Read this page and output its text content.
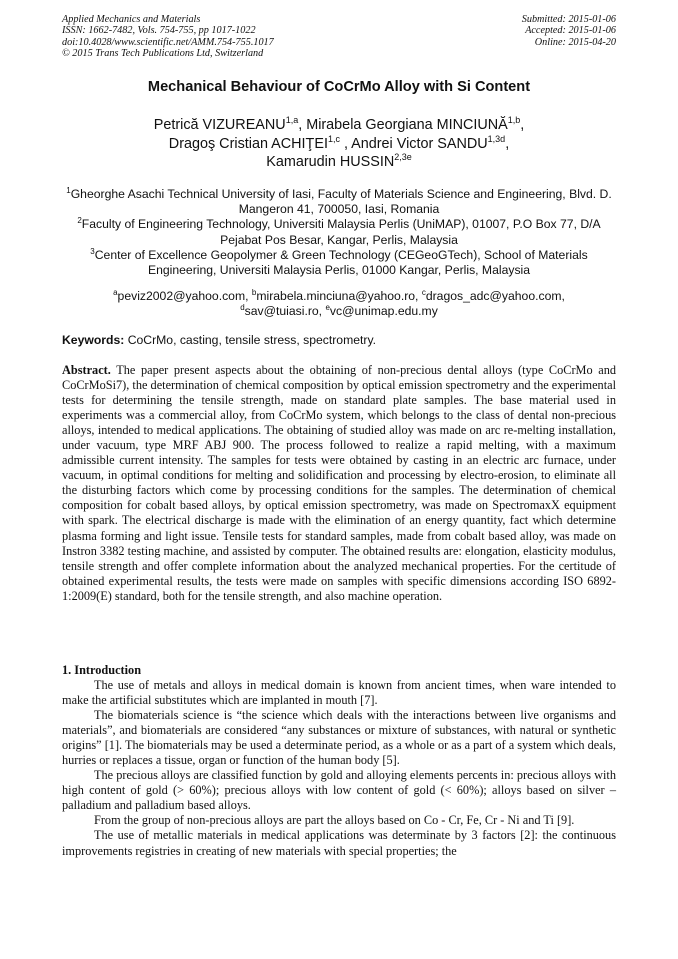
Applied Mechanics and Materials
ISSN: 1662-7482, Vols. 754-755, pp 1017-1022
doi:10.4028/www.scientific.net/AMM.754-755.1017
© 2015 Trans Tech Publications Ltd, Switzerland
Submitted: 2015-01-06
Accepted: 2015-01-06
Online: 2015-04-20
Mechanical Behaviour of CoCrMo Alloy with Si Content
Petrică VIZUREANU$^{1,a}$, Mirabela Georgiana MINCIUNĂ$^{1,b}$,
Dragoş Cristian ACHIŢEI$^{1,c}$ , Andrei Victor $SANDU^{1,3d}$,
Kamarudin $HUSSIN^{2,3e}$
$^1$Gheorghe Asachi Technical University of Iasi, Faculty of Materials Science and Engineering, Blvd. D. Mangeron 41, 700050, Iasi, Romania
$^2$Faculty of Engineering Technology, Universiti Malaysia Perlis (UniMAP), 01007, P.O Box 77, D/A Pejabat Pos Besar, Kangar, Perlis, Malaysia
$^3$Center of Excellence Geopolymer & Green Technology (CEGeoGTech), School of Materials Engineering, Universiti Malaysia Perlis, 01000 Kangar, Perlis, Malaysia
$^a$peviz2002@yahoo.com, $^b$mirabela.minciuna@yahoo.ro, $^c$dragos_adc@yahoo.com,
$^d$sav@tuiasi.ro, $^e$vc@unimap.edu.my
Keywords: CoCrMo, casting, tensile stress, spectrometry.
Abstract. The paper present aspects about the obtaining of non-precious dental alloys (type CoCrMo and CoCrMoSi7), the determination of chemical composition by optical emission spectrometry and the experimental tests for determining the tensile strength, made on standard plate samples. The base material used in experiments was a commercial alloy, from CoCrMo system, which belongs to the class of dental non-precious alloys, intended to medical applications. The obtaining of studied alloy was made on arc re-melting installation, under vacuum, type MRF ABJ 900. The process followed to realize a rapid melting, with a maximum admissible current intensity. The samples for tests were obtained by casting in an electric arc furnace, under vacuum, in optimal conditions for melting and solidification and processing by electro-erosion, to eliminate all the disturbing factors which come by processing conditions for the samples. The determination of chemical composition for cobalt based alloys, by optical emission spectrometry, was made on SpectromaxX equipment with spark. The electrical discharge is made with the elimination of an energy quantity, fact which determine plasma forming and light issue. Tensile tests for standard samples, made from cobalt based alloy, was made on Instron 3382 testing machine, and assisted by computer. The obtained results are: elongation, elasticity modulus, tensile strength and offer complete information about the analyzed mechanical properties. For the certitude of obtained experimental results, the tests were made on samples with specific dimensions according ISO 6892-1:2009(E) standard, both for the tensile strength, and also machine operation.
1. Introduction

The use of metals and alloys in medical domain is known from ancient times, when ware intended to make the artificial substitutes which are implanted in mouth [7].

The biomaterials science is “the science which deals with the interactions between live organisms and materials”, and biomaterials are considered “any substances or mixture of substances, with natural or synthetic origins” [1]. The biomaterials may be used a determinate period, as a whole or as a part of a system which deals, hurries or replaces a tissue, organ or function of the human body [5].

The precious alloys are classified function by gold and alloying elements percents in: precious alloys with high content of gold (> 60%); precious alloys with low content of gold (< 60%); alloys based on silver – palladium and palladium based alloys.

From the group of non-precious alloys are part the alloys based on Co - Cr, Fe, Cr - Ni and Ti [9].

The use of metallic materials in medical applications was determinate by 3 factors [2]: the continuous improvements registries in creating of new materials with special properties; the
